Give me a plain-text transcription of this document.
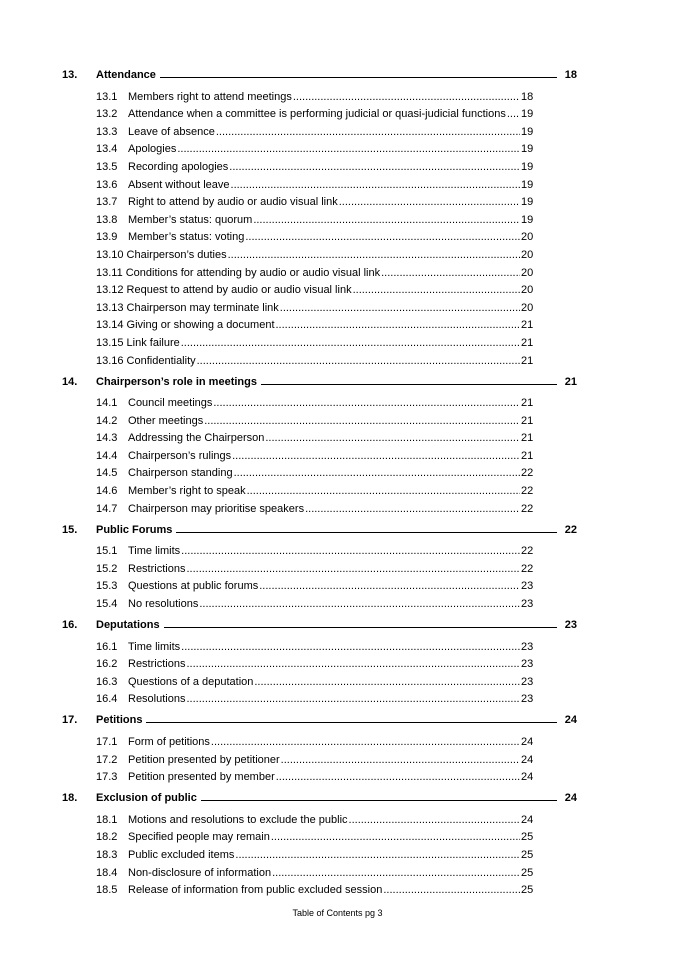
13.	Attendance	18
13.1 Members right to attend meetings .....	18
13.2 Attendance when a committee is performing judicial or quasi-judicial functions ..... 19
13.3 Leave of absence .....	19
13.4 Apologies .....	19
13.5 Recording apologies .....	19
13.6 Absent without leave .....	19
13.7 Right to attend by audio or audio visual link .....	19
13.8 Member’s status: quorum .....	19
13.9 Member’s status: voting .....	20
13.10 Chairperson’s duties .....	20
13.11 Conditions for attending by audio or audio visual link .....	20
13.12 Request to attend by audio or audio visual link .....	20
13.13 Chairperson may terminate link .....	20
13.14 Giving or showing a document .....	21
13.15 Link failure .....	21
13.16 Confidentiality .....	21
14.	Chairperson’s role in meetings	21
14.1 Council meetings .....	21
14.2 Other meetings .....	21
14.3 Addressing the Chairperson .....	21
14.4 Chairperson’s rulings .....	21
14.5 Chairperson standing .....	22
14.6 Member’s right to speak .....	22
14.7 Chairperson may prioritise speakers .....	22
15.	Public Forums	22
15.1 Time limits .....	22
15.2 Restrictions .....	22
15.3 Questions at public forums .....	23
15.4 No resolutions .....	23
16.	Deputations	23
16.1 Time limits .....	23
16.2 Restrictions .....	23
16.3 Questions of a deputation .....	23
16.4 Resolutions .....	23
17.	Petitions	24
17.1 Form of petitions .....	24
17.2 Petition presented by petitioner .....	24
17.3 Petition presented by member .....	24
18.	Exclusion of public	24
18.1 Motions and resolutions to exclude the public .....	24
18.2 Specified people may remain .....	25
18.3 Public excluded items .....	25
18.4 Non-disclosure of information .....	25
18.5 Release of information from public excluded session .....	25
Table of Contents pg 3
